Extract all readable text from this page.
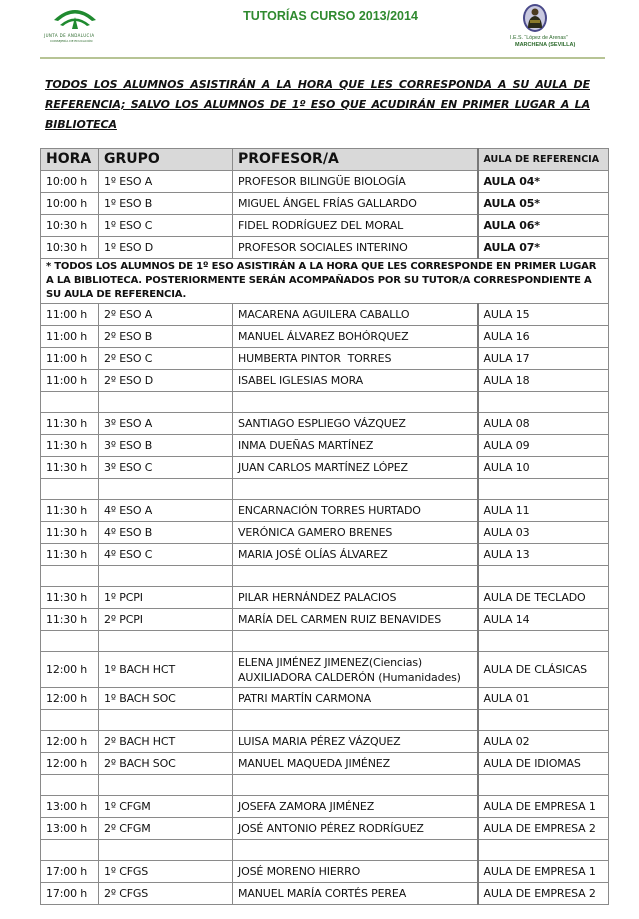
JUNTA DE ANDALUCIA
CONSEJERÍA DE EDUCACIÓN
TUTORÍAS CURSO 2013/2014
I.E.S. “López de Arenas”
MARCHENA (SEVILLA)
TODOS LOS ALUMNOS ASISTIRÁN A LA HORA QUE LES CORRESPONDA A SU AULA DE REFERENCIA; SALVO LOS ALUMNOS DE 1º ESO QUE ACUDIRÁN EN PRIMER LUGAR A LA BIBLIOTECA
HORA	GRUPO	PROFESOR/A	AULA DE REFERENCIA
10:00 h	1º ESO A	PROFESOR BILINGÜE BIOLOGÍA	AULA 04*
10:00 h	1º ESO B	MIGUEL ÁNGEL FRÍAS GALLARDO	AULA 05*
10:30 h	1º ESO C	FIDEL RODRÍGUEZ DEL MORAL	AULA 06*
10:30 h	1º ESO D	PROFESOR SOCIALES INTERINO	AULA 07*
* TODOS LOS ALUMNOS DE 1º ESO ASISTIRÁN A LA HORA QUE LES CORRESPONDE EN PRIMER LUGAR A LA BIBLIOTECA. POSTERIORMENTE SERÁN ACOMPAÑADOS POR SU TUTOR/A CORRESPONDIENTE A SU AULA DE REFERENCIA.			
11:00 h	2º ESO A	MACARENA AGUILERA CABALLO	AULA 15
11:00 h	2º ESO B	MANUEL ÁLVAREZ BOHÓRQUEZ	AULA 16
11:00 h	2º ESO C	HUMBERTA PINTOR  TORRES	AULA 17
11:00 h	2º ESO D	ISABEL IGLESIAS MORA	AULA 18

11:30 h	3º ESO A	SANTIAGO ESPLIEGO VÁZQUEZ	AULA 08
11:30 h	3º ESO B	INMA DUEÑAS MARTÍNEZ	AULA 09
11:30 h	3º ESO C	JUAN CARLOS MARTÍNEZ LÓPEZ	AULA 10

11:30 h	4º ESO A	ENCARNACIÓN TORRES HURTADO	AULA 11
11:30 h	4º ESO B	VERÓNICA GAMERO BRENES	AULA 03
11:30 h	4º ESO C	MARIA JOSÉ OLÍAS ÁLVAREZ	AULA 13

11:30 h	1º PCPI	PILAR HERNÁNDEZ PALACIOS	AULA DE TECLADO
11:30 h	2º PCPI	MARÍA DEL CARMEN RUIZ BENAVIDES	AULA 14

12:00 h	1º BACH HCT	ELENA JIMÉNEZ JIMENEZ(Ciencias)
AUXILIADORA CALDERÓN (Humanidades)	AULA DE CLÁSICAS
12:00 h	1º BACH SOC	PATRI MARTÍN CARMONA	AULA 01

12:00 h	2º BACH HCT	LUISA MARIA PÉREZ VÁZQUEZ	AULA 02
12:00 h	2º BACH SOC	MANUEL MAQUEDA JIMÉNEZ	AULA DE IDIOMAS

13:00 h	1º CFGM	JOSEFA ZAMORA JIMÉNEZ	AULA DE EMPRESA 1
13:00 h	2º CFGM	JOSÉ ANTONIO PÉREZ RODRÍGUEZ	AULA DE EMPRESA 2

17:00 h	1º CFGS	JOSÉ MORENO HIERRO	AULA DE EMPRESA 1
17:00 h	2º CFGS	MANUEL MARÍA CORTÉS PEREA	AULA DE EMPRESA 2
